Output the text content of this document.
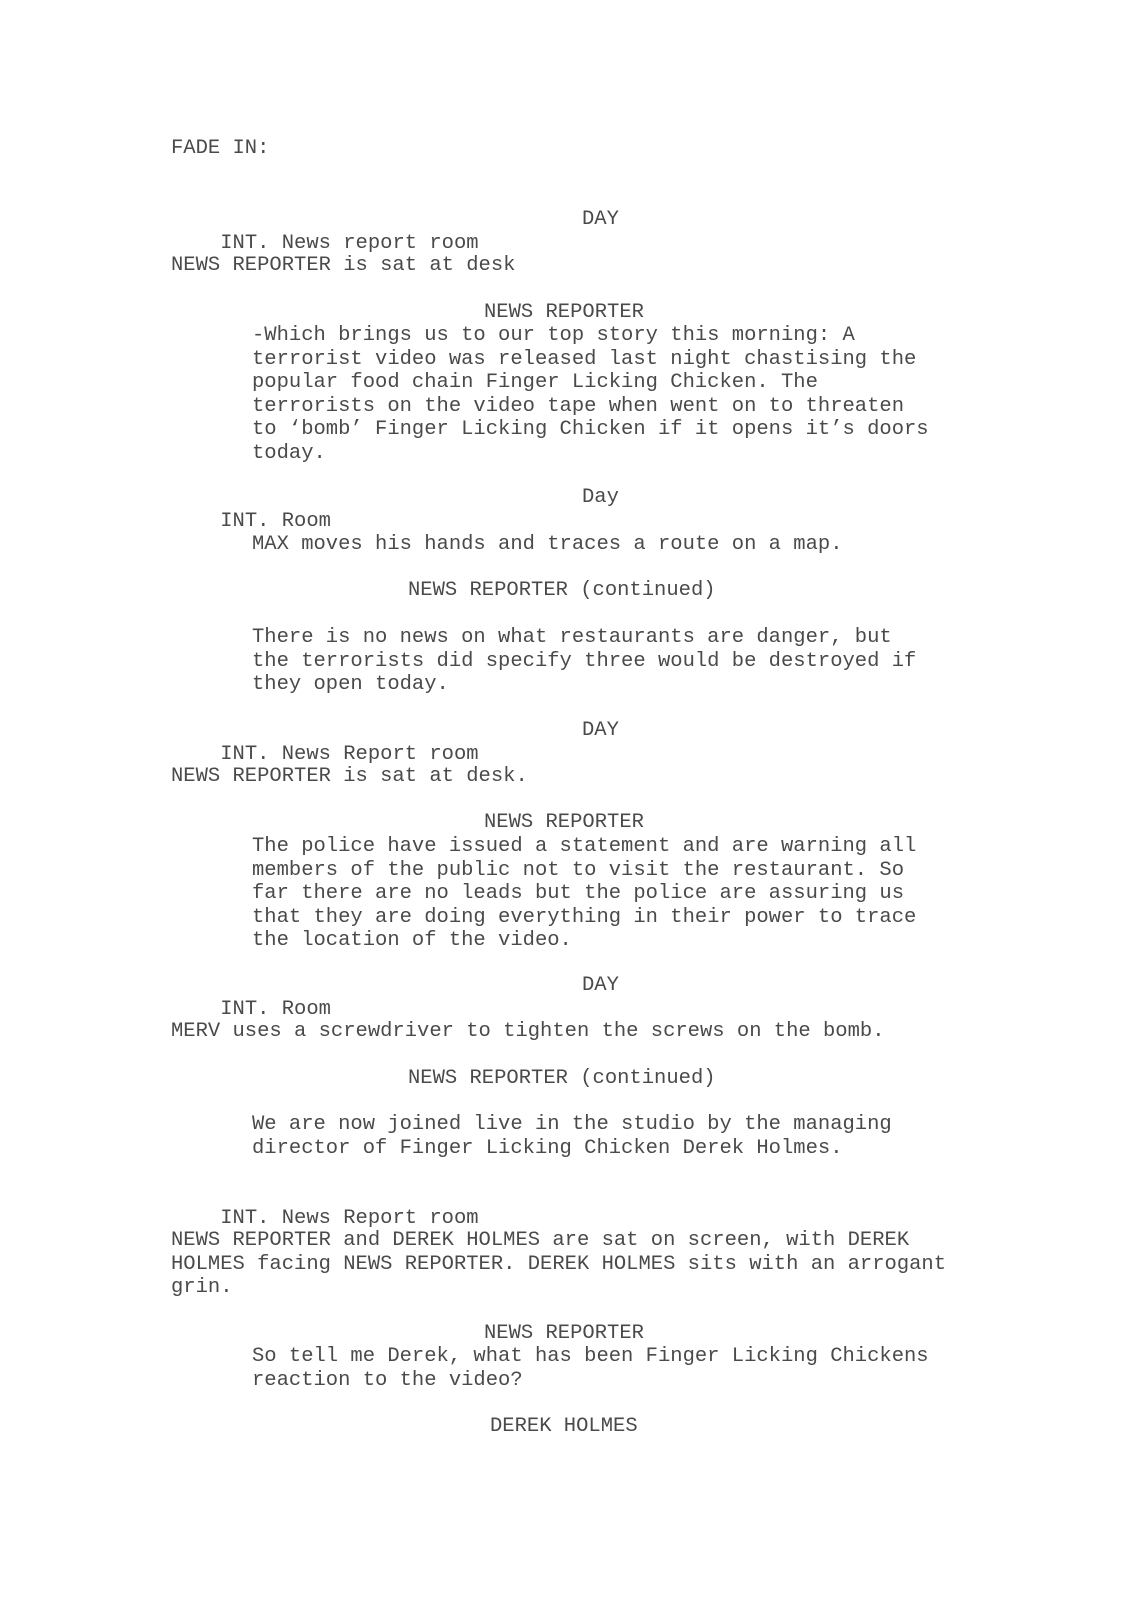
FADE IN:

INT. News report room

DAY

NEWS REPORTER is sat at desk
NEWS REPORTER
-Which brings us to our top story this morning: A terrorist video was released last night chastising the popular food chain Finger Licking Chicken. The terrorists on the video tape when went on to threaten to ‘bomb’ Finger Licking Chicken if it opens it’s doors today.

INT. Room

Day

MAX moves his hands and traces a route on a map.
NEWS REPORTER (continued)
There is no news on what restaurants are danger, but the terrorists did specify three would be destroyed if they open today.

INT. News Report room

DAY

NEWS REPORTER is sat at desk.
NEWS REPORTER
The police have issued a statement and are warning all members of the public not to visit the restaurant. So far there are no leads but the police are assuring us that they are doing everything in their power to trace the location of the video.

INT. Room

DAY

MERV uses a screwdriver to tighten the screws on the bomb.
NEWS REPORTER (continued)
We are now joined live in the studio by the managing director of Finger Licking Chicken Derek Holmes.

INT. News Report room

NEWS REPORTER and DEREK HOLMES are sat on screen, with DEREK HOLMES facing NEWS REPORTER. DEREK HOLMES sits with an arrogant grin.
NEWS REPORTER
So tell me Derek, what has been Finger Licking Chickens reaction to the video?
DEREK HOLMES
